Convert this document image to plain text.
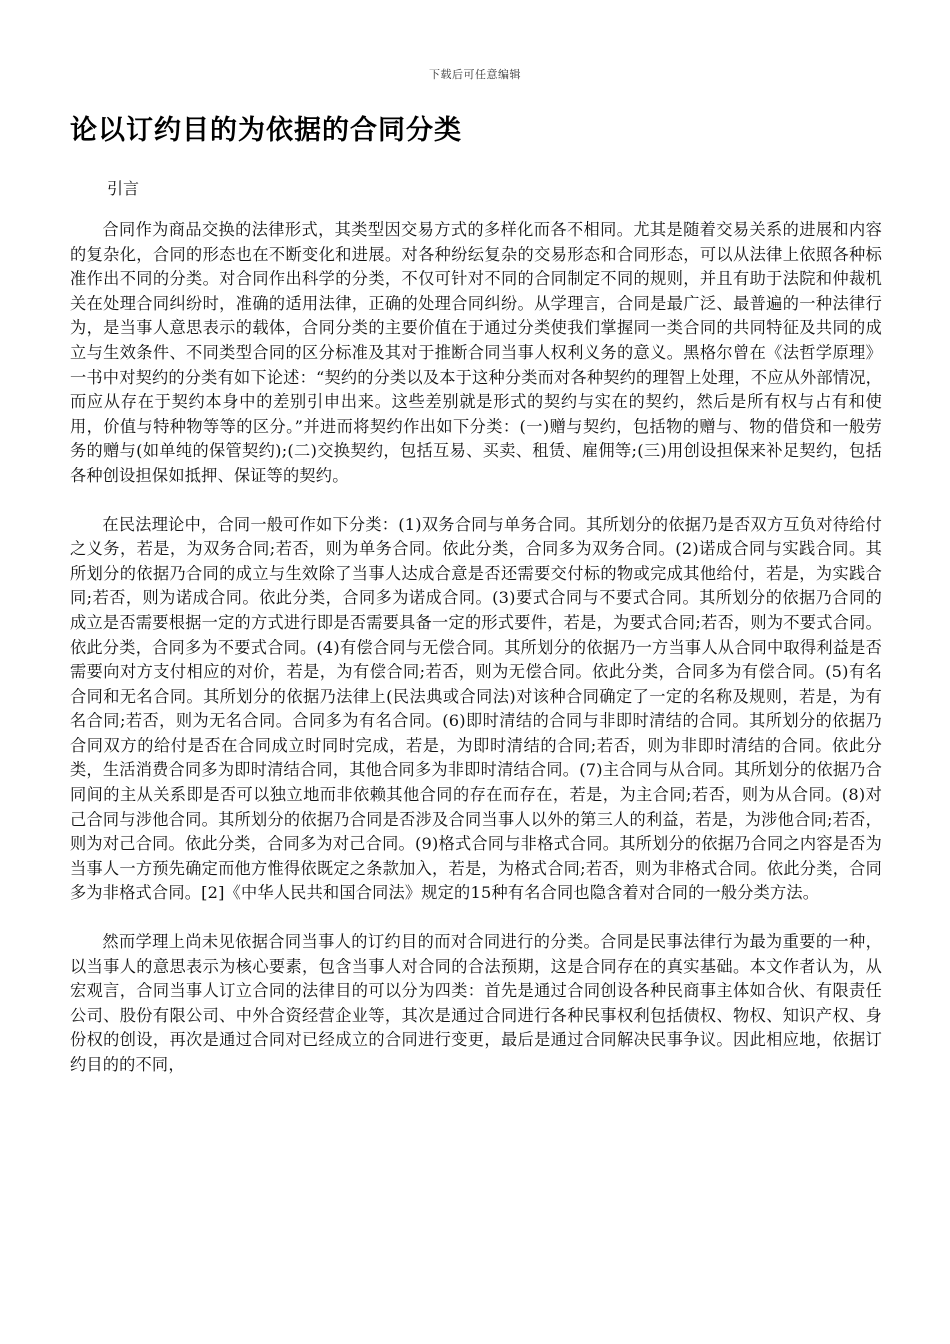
下载后可任意编辑
论以订约目的为依据的合同分类

引言

合同作为商品交换的法律形式，其类型因交易方式的多样化而各不相同。尤其是随着交易关系的进展和内容的复杂化，合同的形态也在不断变化和进展。对各种纷纭复杂的交易形态和合同形态，可以从法律上依照各种标准作出不同的分类。对合同作出科学的分类，不仅可针对不同的合同制定不同的规则，并且有助于法院和仲裁机关在处理合同纠纷时，准确的适用法律，正确的处理合同纠纷。从学理言，合同是最广泛、最普遍的一种法律行为，是当事人意思表示的载体，合同分类的主要价值在于通过分类使我们掌握同一类合同的共同特征及共同的成立与生效条件、不同类型合同的区分标准及其对于推断合同当事人权利义务的意义。黑格尔曾在《法哲学原理》一书中对契约的分类有如下论述：“契约的分类以及本于这种分类而对各种契约的理智上处理，不应从外部情况，而应从存在于契约本身中的差别引申出来。这些差别就是形式的契约与实在的契约，然后是所有权与占有和使用，价值与特种物等等的区分。”并进而将契约作出如下分类：(一)赠与契约，包括物的赠与、物的借贷和一般劳务的赠与(如单纯的保管契约);(二)交换契约，包括互易、买卖、租赁、雇佣等;(三)用创设担保来补足契约，包括各种创设担保如抵押、保证等的契约。

在民法理论中，合同一般可作如下分类：(1)双务合同与单务合同。其所划分的依据乃是否双方互负对待给付之义务，若是，为双务合同;若否，则为单务合同。依此分类，合同多为双务合同。(2)诺成合同与实践合同。其所划分的依据乃合同的成立与生效除了当事人达成合意是否还需要交付标的物或完成其他给付，若是，为实践合同;若否，则为诺成合同。依此分类，合同多为诺成合同。(3)要式合同与不要式合同。其所划分的依据乃合同的成立是否需要根据一定的方式进行即是否需要具备一定的形式要件，若是，为要式合同;若否，则为不要式合同。依此分类，合同多为不要式合同。(4)有偿合同与无偿合同。其所划分的依据乃一方当事人从合同中取得利益是否需要向对方支付相应的对价，若是，为有偿合同;若否，则为无偿合同。依此分类，合同多为有偿合同。(5)有名合同和无名合同。其所划分的依据乃法律上(民法典或合同法)对该种合同确定了一定的名称及规则，若是，为有名合同;若否，则为无名合同。合同多为有名合同。(6)即时清结的合同与非即时清结的合同。其所划分的依据乃合同双方的给付是否在合同成立时同时完成，若是，为即时清结的合同;若否，则为非即时清结的合同。依此分类，生活消费合同多为即时清结合同，其他合同多为非即时清结合同。(7)主合同与从合同。其所划分的依据乃合同间的主从关系即是否可以独立地而非依赖其他合同的存在而存在，若是，为主合同;若否，则为从合同。(8)对己合同与涉他合同。其所划分的依据乃合同是否涉及合同当事人以外的第三人的利益，若是，为涉他合同;若否，则为对己合同。依此分类，合同多为对己合同。(9)格式合同与非格式合同。其所划分的依据乃合同之内容是否为当事人一方预先确定而他方惟得依既定之条款加入，若是，为格式合同;若否，则为非格式合同。依此分类，合同多为非格式合同。[2]《中华人民共和国合同法》规定的15种有名合同也隐含着对合同的一般分类方法。

然而学理上尚未见依据合同当事人的订约目的而对合同进行的分类。合同是民事法律行为最为重要的一种，以当事人的意思表示为核心要素，包含当事人对合同的合法预期，这是合同存在的真实基础。本文作者认为，从宏观言，合同当事人订立合同的法律目的可以分为四类：首先是通过合同创设各种民商事主体如合伙、有限责任公司、股份有限公司、中外合资经营企业等，其次是通过合同进行各种民事权利包括债权、物权、知识产权、身份权的创设，再次是通过合同对已经成立的合同进行变更，最后是通过合同解决民事争议。因此相应地，依据订约目的的不同，
